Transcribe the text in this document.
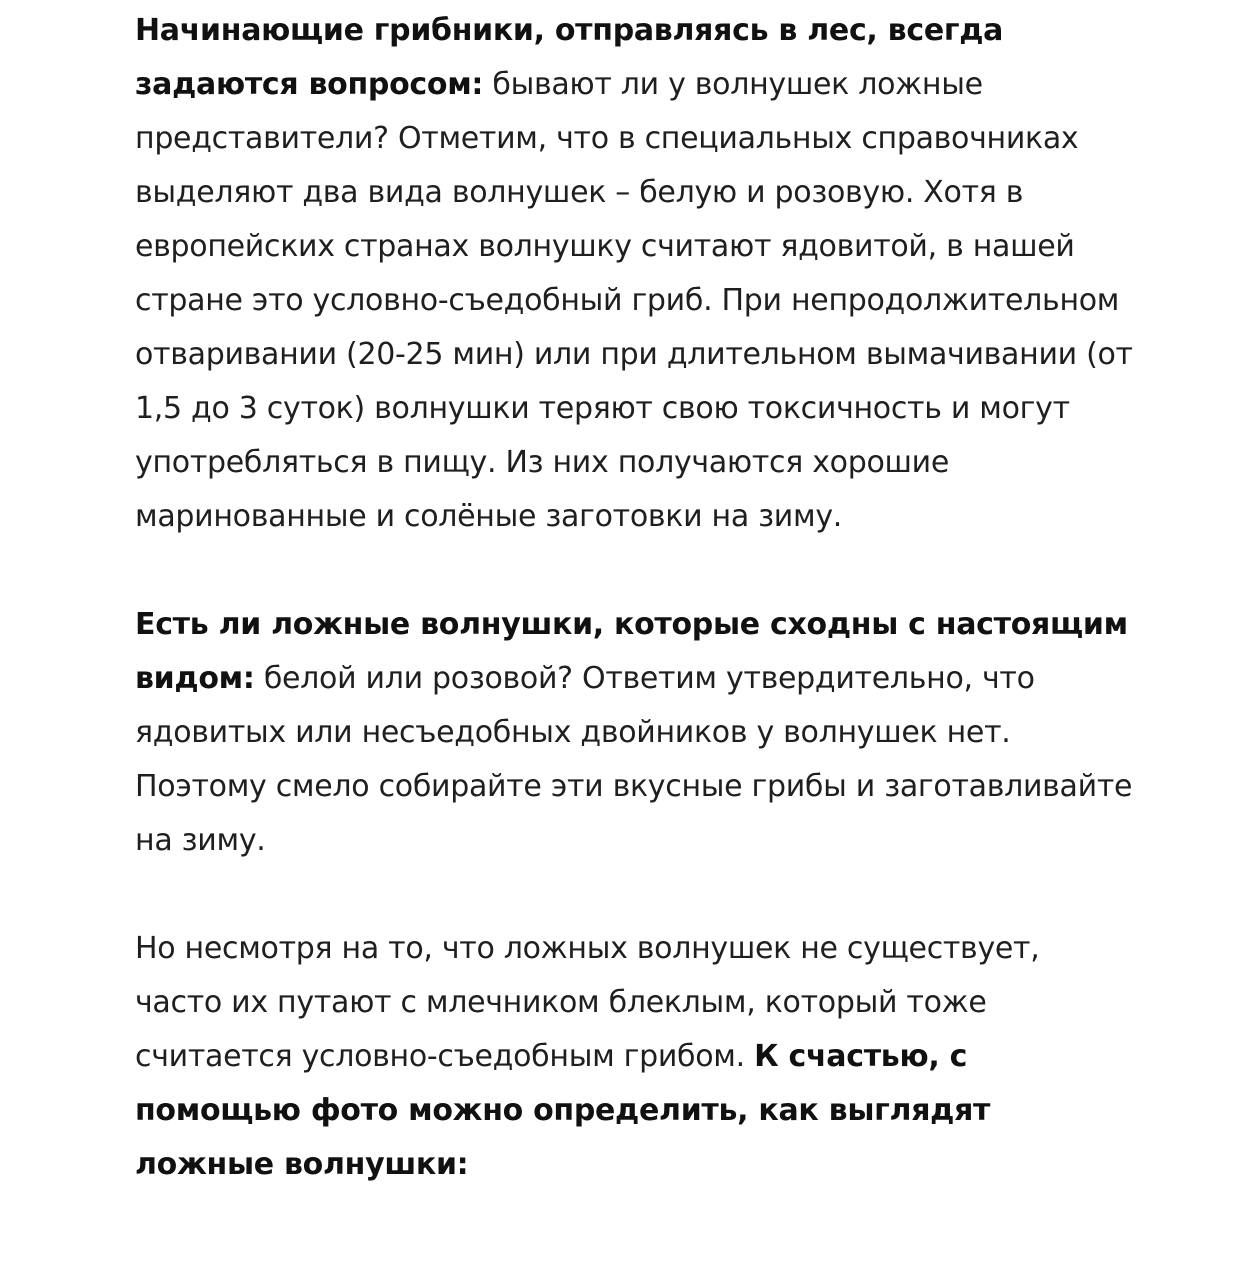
Начинающие грибники, отправляясь в лес, всегда задаются вопросом: бывают ли у волнушек ложные представители? Отметим, что в специальных справочниках выделяют два вида волнушек – белую и розовую. Хотя в европейских странах волнушку считают ядовитой, в нашей стране это условно-съедобный гриб. При непродолжительном отваривании (20-25 мин) или при длительном вымачивании (от 1,5 до 3 суток) волнушки теряют свою токсичность и могут употребляться в пищу. Из них получаются хорошие маринованные и солёные заготовки на зиму.

Есть ли ложные волнушки, которые сходны с настоящим видом: белой или розовой? Ответим утвердительно, что ядовитых или несъедобных двойников у волнушек нет. Поэтому смело собирайте эти вкусные грибы и заготавливайте на зиму.

Но несмотря на то, что ложных волнушек не существует, часто их путают с млечником блеклым, который тоже считается условно-съедобным грибом. К счастью, с помощью фото можно определить, как выглядят ложные волнушки:
